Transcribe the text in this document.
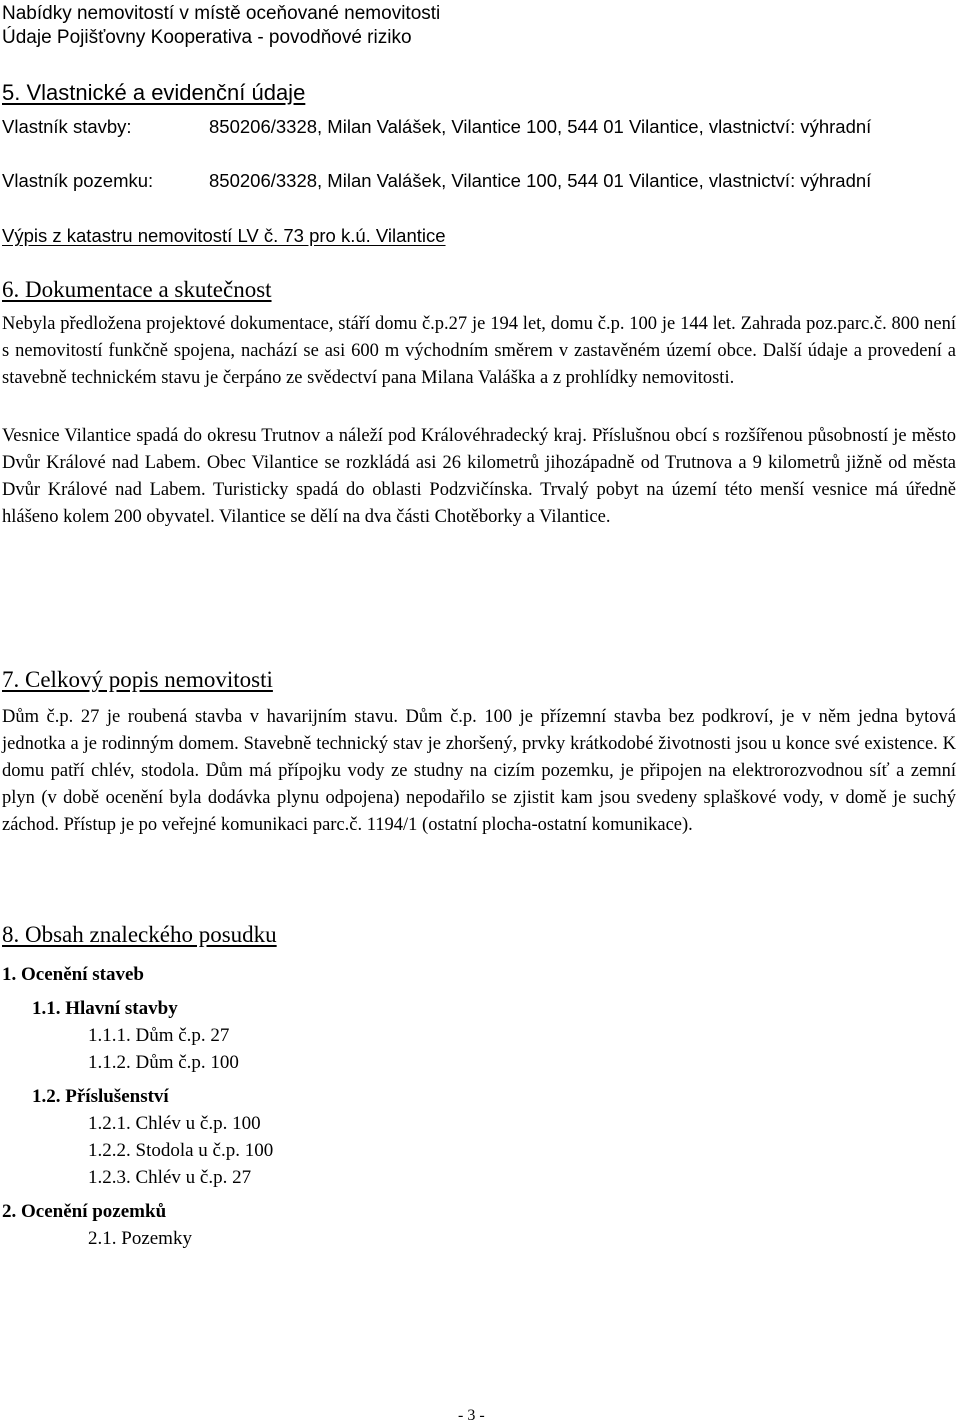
Nabídky nemovitostí v místě oceňované nemovitosti
Údaje Pojišťovny Kooperativa - povodňové riziko
5. Vlastnické a evidenční údaje
Vlastník stavby:	850206/3328, Milan Valášek, Vilantice 100, 544 01 Vilantice, vlastnictví: výhradní
Vlastník pozemku:	850206/3328, Milan Valášek, Vilantice 100, 544 01 Vilantice, vlastnictví: výhradní
Výpis z katastru nemovitostí LV č. 73 pro k.ú. Vilantice
6. Dokumentace a skutečnost

Nebyla předložena projektové dokumentace, stáří domu č.p.27 je 194 let, domu č.p. 100 je 144 let. Zahrada poz.parc.č. 800 není s nemovitostí funkčně spojena, nachází se asi 600 m východním směrem v zastavěném území obce. Další údaje a provedení a stavebně technickém stavu je čerpáno ze svědectví pana Milana Valáška a z prohlídky nemovitosti.

Vesnice Vilantice spadá do okresu Trutnov a náleží pod Královéhradecký kraj. Příslušnou obcí s rozšířenou působností je město Dvůr Králové nad Labem. Obec Vilantice se rozkládá asi 26 kilometrů jihozápadně od Trutnova a 9 kilometrů jižně od města Dvůr Králové nad Labem. Turisticky spadá do oblasti Podzvičínska. Trvalý pobyt na území této menší vesnice má úředně hlášeno kolem 200 obyvatel. Vilantice se dělí na dva části Chotěborky a Vilantice.

7. Celkový popis nemovitosti

Dům č.p. 27 je roubená stavba v havarijním stavu. Dům č.p. 100 je přízemní stavba bez podkroví, je v něm jedna bytová jednotka a je rodinným domem. Stavebně technický stav je zhoršený, prvky krátkodobé životnosti jsou u konce své existence. K domu patří chlév, stodola. Dům má přípojku vody ze studny na cizím pozemku, je připojen na elektrorozvodnou síť a zemní plyn (v době ocenění byla dodávka plynu odpojena) nepodařilo se zjistit kam jsou svedeny splaškové vody, v domě je suchý záchod. Přístup je po veřejné komunikaci parc.č. 1194/1 (ostatní plocha-ostatní komunikace).

8. Obsah znaleckého posudku
1. Ocenění staveb
1.1. Hlavní stavby
1.1.1. Dům č.p. 27
1.1.2. Dům č.p. 100
1.2. Příslušenství
1.2.1. Chlév u č.p. 100
1.2.2. Stodola u č.p. 100
1.2.3. Chlév u č.p. 27
2. Ocenění pozemků
2.1. Pozemky
- 3 -
